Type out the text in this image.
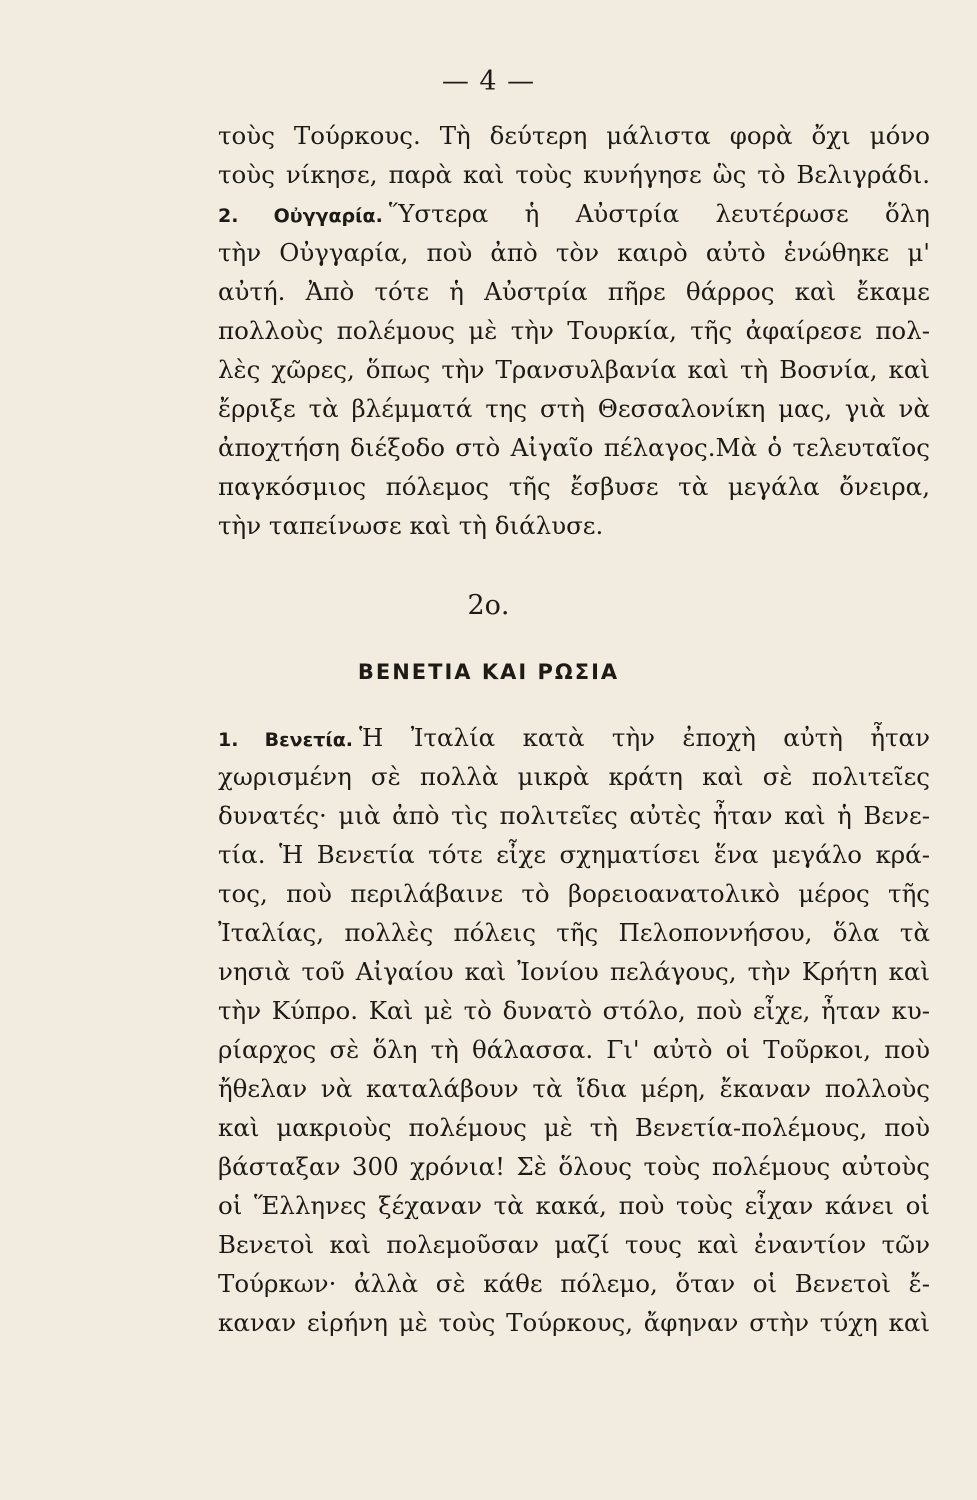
— 4 —
τοὺς Τούρκους. Τὴ δεύτερη μάλιστα φορὰ ὄχι μόνο
τοὺς νίκησε, παρὰ καὶ τοὺς κυνήγησε ὣς τὸ Βελιγράδι.
2. Οὐγγαρία. Ὕστερα ἡ Αὐστρία λευτέρωσε ὅλη
τὴν Οὐγγαρία, ποὺ ἀπὸ τὸν καιρὸ αὐτὸ ἑνώθηκε μ'
αὐτή. Ἀπὸ τότε ἡ Αὐστρία πῆρε θάρρος καὶ ἔκαμε
πολλοὺς πολέμους μὲ τὴν Τουρκία, τῆς ἀφαίρεσε πολ-
λὲς χῶρες, ὅπως τὴν Τρανσυλβανία καὶ τὴ Βοσνία, καὶ
ἔρριξε τὰ βλέμματά της στὴ Θεσσαλονίκη μας, γιὰ νὰ
ἀποχτήση διέξοδο στὸ Αἰγαῖο πέλαγος.Μὰ ὁ τελευταῖος
παγκόσμιος πόλεμος τῆς ἔσβυσε τὰ μεγάλα ὄνειρα,
τὴν ταπείνωσε καὶ τὴ διάλυσε.
2ο.
ΒΕΝΕΤΙΑ ΚΑΙ ΡΩΣΙΑ
1. Βενετία. Ἡ Ἰταλία κατὰ τὴν ἐποχὴ αὐτὴ ἦταν
χωρισμένη σὲ πολλὰ μικρὰ κράτη καὶ σὲ πολιτεῖες
δυνατές· μιὰ ἀπὸ τὶς πολιτεῖες αὐτὲς ἦταν καὶ ἡ Βενε-
τία. Ἡ Βενετία τότε εἶχε σχηματίσει ἕνα μεγάλο κρά-
τος, ποὺ περιλάβαινε τὸ βορειοανατολικὸ μέρος τῆς
Ἰταλίας, πολλὲς πόλεις τῆς Πελοποννήσου, ὅλα τὰ
νησιὰ τοῦ Αἰγαίου καὶ Ἰονίου πελάγους, τὴν Κρήτη καὶ
τὴν Κύπρο. Καὶ μὲ τὸ δυνατὸ στόλο, ποὺ εἶχε, ἦταν κυ-
ρίαρχος σὲ ὅλη τὴ θάλασσα. Γι' αὐτὸ οἱ Τοῦρκοι, ποὺ
ἤθελαν νὰ καταλάβουν τὰ ἴδια μέρη, ἔκαναν πολλοὺς
καὶ μακριοὺς πολέμους μὲ τὴ Βενετία-πολέμους, ποὺ
βάσταξαν 300 χρόνια! Σὲ ὅλους τοὺς πολέμους αὐτοὺς
οἱ Ἕλληνες ξέχαναν τὰ κακά, ποὺ τοὺς εἶχαν κάνει οἱ
Βενετοὶ καὶ πολεμοῦσαν μαζί τους καὶ ἐναντίον τῶν
Τούρκων· ἀλλὰ σὲ κάθε πόλεμο, ὅταν οἱ Βενετοὶ ἔ-
καναν εἰρήνη μὲ τοὺς Τούρκους, ἄφηναν στὴν τύχη καὶ
